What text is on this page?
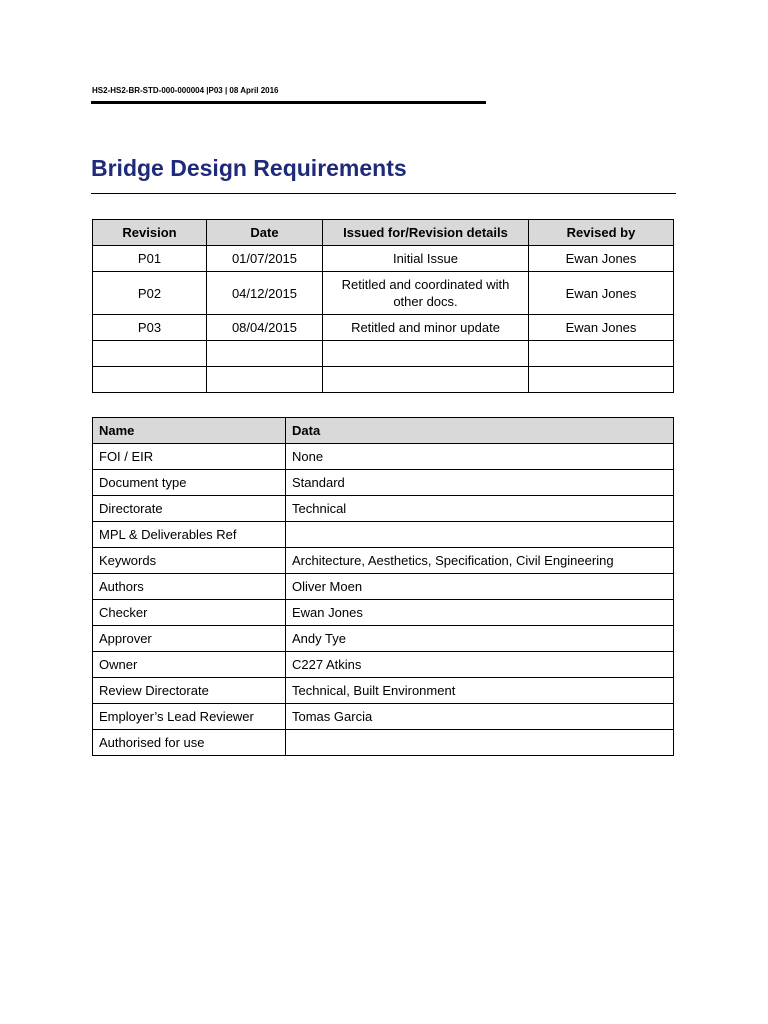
HS2-HS2-BR-STD-000-000004 |P03 | 08 April 2016
Bridge Design Requirements
Revision	Date	Issued for/Revision details	Revised by
P01	01/07/2015	Initial Issue	Ewan Jones
P02	04/12/2015	Retitled and coordinated with other docs.	Ewan Jones
P03	08/04/2015	Retitled and minor update	Ewan Jones

Name	Data
FOI / EIR	None
Document type	Standard
Directorate	Technical
MPL & Deliverables Ref	
Keywords	Architecture, Aesthetics, Specification, Civil Engineering
Authors	Oliver Moen
Checker	Ewan Jones
Approver	Andy Tye
Owner	C227 Atkins
Review Directorate	Technical, Built Environment
Employer’s Lead Reviewer	Tomas Garcia
Authorised for use	
